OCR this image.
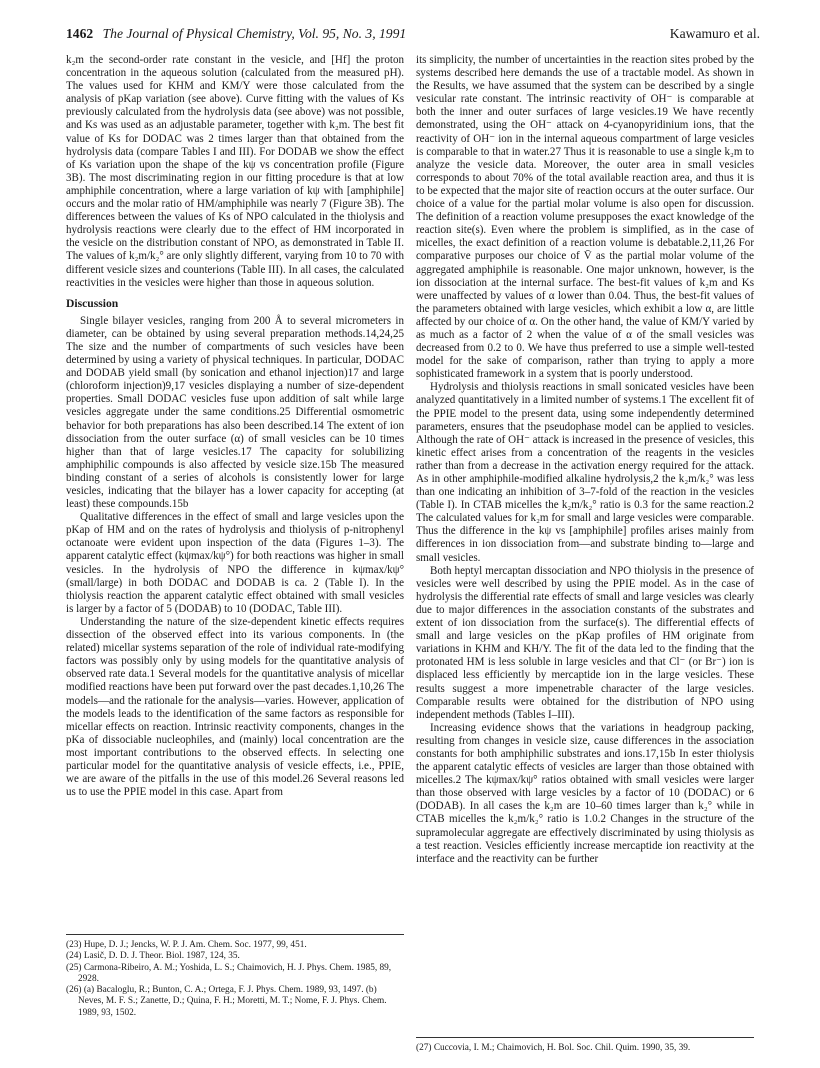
1462 The Journal of Physical Chemistry, Vol. 95, No. 3, 1991	Kawamuro et al.

k₂m the second-order rate constant in the vesicle, and [Hf] the proton concentration in the aqueous solution (calculated from the measured pH). The values used for KHM and KM/Y were those calculated from the analysis of pKap variation (see above). Curve fitting with the values of Ks previously calculated from the hydrolysis data (see above) was not possible, and Ks was used as an adjustable parameter, together with k₂m. The best fit value of Ks for DODAC was 2 times larger than that obtained from the hydrolysis data (compare Tables I and III). For DODAB we show the effect of Ks variation upon the shape of the kψ vs concentration profile (Figure 3B). The most discriminating region in our fitting procedure is that at low amphiphile concentration, where a large variation of kψ with [amphiphile] occurs and the molar ratio of HM/amphiphile was nearly 7 (Figure 3B). The differences between the values of Ks of NPO calculated in the thiolysis and hydrolysis reactions were clearly due to the effect of HM incorporated in the vesicle on the distribution constant of NPO, as demonstrated in Table II. The values of k₂m/k₂° are only slightly different, varying from 10 to 70 with different vesicle sizes and counterions (Table III). In all cases, the calculated reactivities in the vesicles were higher than those in aqueous solution.

Discussion

Single bilayer vesicles, ranging from 200 Å to several micrometers in diameter, can be obtained by using several preparation methods.14,24,25 The size and the number of compartments of such vesicles have been determined by using a variety of physical techniques. In particular, DODAC and DODAB yield small (by sonication and ethanol injection)17 and large (chloroform injection)9,17 vesicles displaying a number of size-dependent properties. Small DODAC vesicles fuse upon addition of salt while large vesicles aggregate under the same conditions.25 Differential osmometric behavior for both preparations has also been described.14 The extent of ion dissociation from the outer surface (α) of small vesicles can be 10 times higher than that of large vesicles.17 The capacity for solubilizing amphiphilic compounds is also affected by vesicle size.15b The measured binding constant of a series of alcohols is consistently lower for large vesicles, indicating that the bilayer has a lower capacity for accepting (at least) these compounds.15b

Qualitative differences in the effect of small and large vesicles upon the pKap of HM and on the rates of hydrolysis and thiolysis of p-nitrophenyl octanoate were evident upon inspection of the data (Figures 1–3). The apparent catalytic effect (kψmax/kψ°) for both reactions was higher in small vesicles. In the hydrolysis of NPO the difference in kψmax/kψ° (small/large) in both DODAC and DODAB is ca. 2 (Table I). In the thiolysis reaction the apparent catalytic effect obtained with small vesicles is larger by a factor of 5 (DODAB) to 10 (DODAC, Table III).

Understanding the nature of the size-dependent kinetic effects requires dissection of the observed effect into its various components. In (the related) micellar systems separation of the role of individual rate-modifying factors was possibly only by using models for the quantitative analysis of observed rate data.1 Several models for the quantitative analysis of micellar modified reactions have been put forward over the past decades.1,10,26 The models—and the rationale for the analysis—varies. However, application of the models leads to the identification of the same factors as responsible for micellar effects on reaction. Intrinsic reactivity components, changes in the pKa of dissociable nucleophiles, and (mainly) local concentration are the most important contributions to the observed effects. In selecting one particular model for the quantitative analysis of vesicle effects, i.e., PPIE, we are aware of the pitfalls in the use of this model.26 Several reasons led us to use the PPIE model in this case. Apart from

(23) Hupe, D. J.; Jencks, W. P. J. Am. Chem. Soc. 1977, 99, 451.

(24) Lasič, D. D. J. Theor. Biol. 1987, 124, 35.

(25) Carmona-Ribeiro, A. M.; Yoshida, L. S.; Chaimovich, H. J. Phys. Chem. 1985, 89, 2928.

(26) (a) Bacaloglu, R.; Bunton, C. A.; Ortega, F. J. Phys. Chem. 1989, 93, 1497. (b) Neves, M. F. S.; Zanette, D.; Quina, F. H.; Moretti, M. T.; Nome, F. J. Phys. Chem. 1989, 93, 1502.

its simplicity, the number of uncertainties in the reaction sites probed by the systems described here demands the use of a tractable model. As shown in the Results, we have assumed that the system can be described by a single vesicular rate constant. The intrinsic reactivity of OH⁻ is comparable at both the inner and outer surfaces of large vesicles.19 We have recently demonstrated, using the OH⁻ attack on 4-cyanopyridinium ions, that the reactivity of OH⁻ ion in the internal aqueous compartment of large vesicles is comparable to that in water.27 Thus it is reasonable to use a single k₂m to analyze the vesicle data. Moreover, the outer area in small vesicles corresponds to about 70% of the total available reaction area, and thus it is to be expected that the major site of reaction occurs at the outer surface. Our choice of a value for the partial molar volume is also open for discussion. The definition of a reaction volume presupposes the exact knowledge of the reaction site(s). Even where the problem is simplified, as in the case of micelles, the exact definition of a reaction volume is debatable.2,11,26 For comparative purposes our choice of V̄ as the partial molar volume of the aggregated amphiphile is reasonable. One major unknown, however, is the ion dissociation at the internal surface. The best-fit values of k₂m and Ks were unaffected by values of α lower than 0.04. Thus, the best-fit values of the parameters obtained with large vesicles, which exhibit a low α, are little affected by our choice of α. On the other hand, the value of KM/Y varied by as much as a factor of 2 when the value of α of the small vesicles was decreased from 0.2 to 0. We have thus preferred to use a simple well-tested model for the sake of comparison, rather than trying to apply a more sophisticated framework in a system that is poorly understood.

Hydrolysis and thiolysis reactions in small sonicated vesicles have been analyzed quantitatively in a limited number of systems.1 The excellent fit of the PPIE model to the present data, using some independently determined parameters, ensures that the pseudophase model can be applied to vesicles. Although the rate of OH⁻ attack is increased in the presence of vesicles, this kinetic effect arises from a concentration of the reagents in the vesicles rather than from a decrease in the activation energy required for the attack. As in other amphiphile-modified alkaline hydrolysis,2 the k₂m/k₂° was less than one indicating an inhibition of 3–7-fold of the reaction in the vesicles (Table I). In CTAB micelles the k₂m/k₂° ratio is 0.3 for the same reaction.2 The calculated values for k₂m for small and large vesicles were comparable. Thus the difference in the kψ vs [amphiphile] profiles arises mainly from differences in ion dissociation from—and substrate binding to—large and small vesicles.

Both heptyl mercaptan dissociation and NPO thiolysis in the presence of vesicles were well described by using the PPIE model. As in the case of hydrolysis the differential rate effects of small and large vesicles was clearly due to major differences in the association constants of the substrates and extent of ion dissociation from the surface(s). The differential effects of small and large vesicles on the pKap profiles of HM originate from variations in KHM and KH/Y. The fit of the data led to the finding that the protonated HM is less soluble in large vesicles and that Cl⁻ (or Br⁻) ion is displaced less efficiently by mercaptide ion in the large vesicles. These results suggest a more impenetrable character of the large vesicles. Comparable results were obtained for the distribution of NPO using independent methods (Tables I–III).

Increasing evidence shows that the variations in headgroup packing, resulting from changes in vesicle size, cause differences in the association constants for both amphiphilic substrates and ions.17,15b In ester thiolysis the apparent catalytic effects of vesicles are larger than those obtained with micelles.2 The kψmax/kψ° ratios obtained with small vesicles were larger than those observed with large vesicles by a factor of 10 (DODAC) or 6 (DODAB). In all cases the k₂m are 10–60 times larger than k₂° while in CTAB micelles the k₂m/k₂° ratio is 1.0.2 Changes in the structure of the supramolecular aggregate are effectively discriminated by using thiolysis as a test reaction. Vesicles efficiently increase mercaptide ion reactivity at the interface and the reactivity can be further

(27) Cuccovia, I. M.; Chaimovich, H. Bol. Soc. Chil. Quim. 1990, 35, 39.
